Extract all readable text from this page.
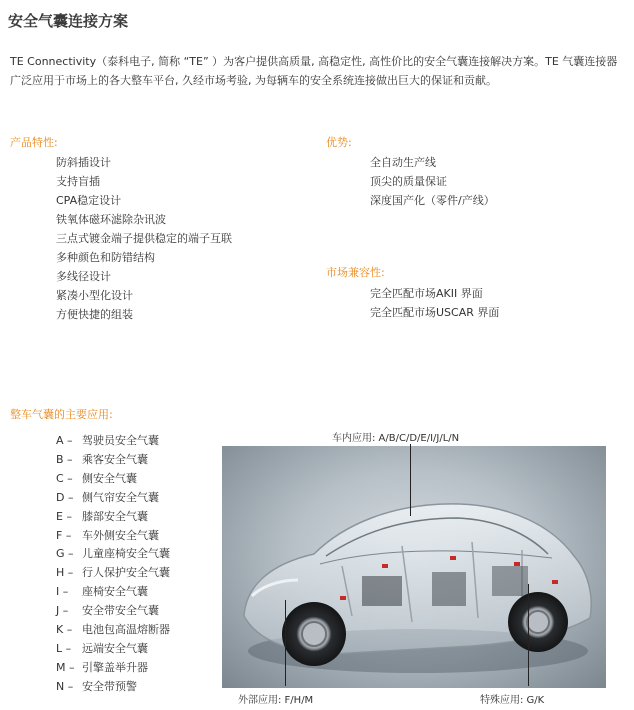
安全气囊连接方案
TE Connectivity（泰科电子, 简称 “TE” ）为客户提供高质量, 高稳定性, 高性价比的安全气囊连接解决方案。TE 气囊连接器广泛应用于市场上的各大整车平台, 久经市场考验, 为每辆车的安全系统连接做出巨大的保证和贡献。
产品特性:
防斜插设计
支持盲插
CPA稳定设计
铁氧体磁环滤除杂讯波
三点式镀金端子提供稳定的端子互联
多种颜色和防错结构
多线径设计
紧凑小型化设计
方便快捷的组装
优势:
全自动生产线
顶尖的质量保证
深度国产化（零件/产线）
市场兼容性:
完全匹配市场AKII 界面
完全匹配市场USCAR 界面
整车气囊的主要应用:
A – 驾驶员安全气囊
B – 乘客安全气囊
C – 侧安全气囊
D – 侧气帘安全气囊
E – 膝部安全气囊
F – 车外侧安全气囊
G – 儿童座椅安全气囊
H – 行人保护安全气囊
I –	座椅安全气囊
J –	安全带安全气囊
K – 电池包高温熔断器
L – 远端安全气囊
M – 引擎盖举升器
N – 安全带预警
车内应用: A/B/C/D/E/I/J/L/N
外部应用: F/H/M	特殊应用: G/K
